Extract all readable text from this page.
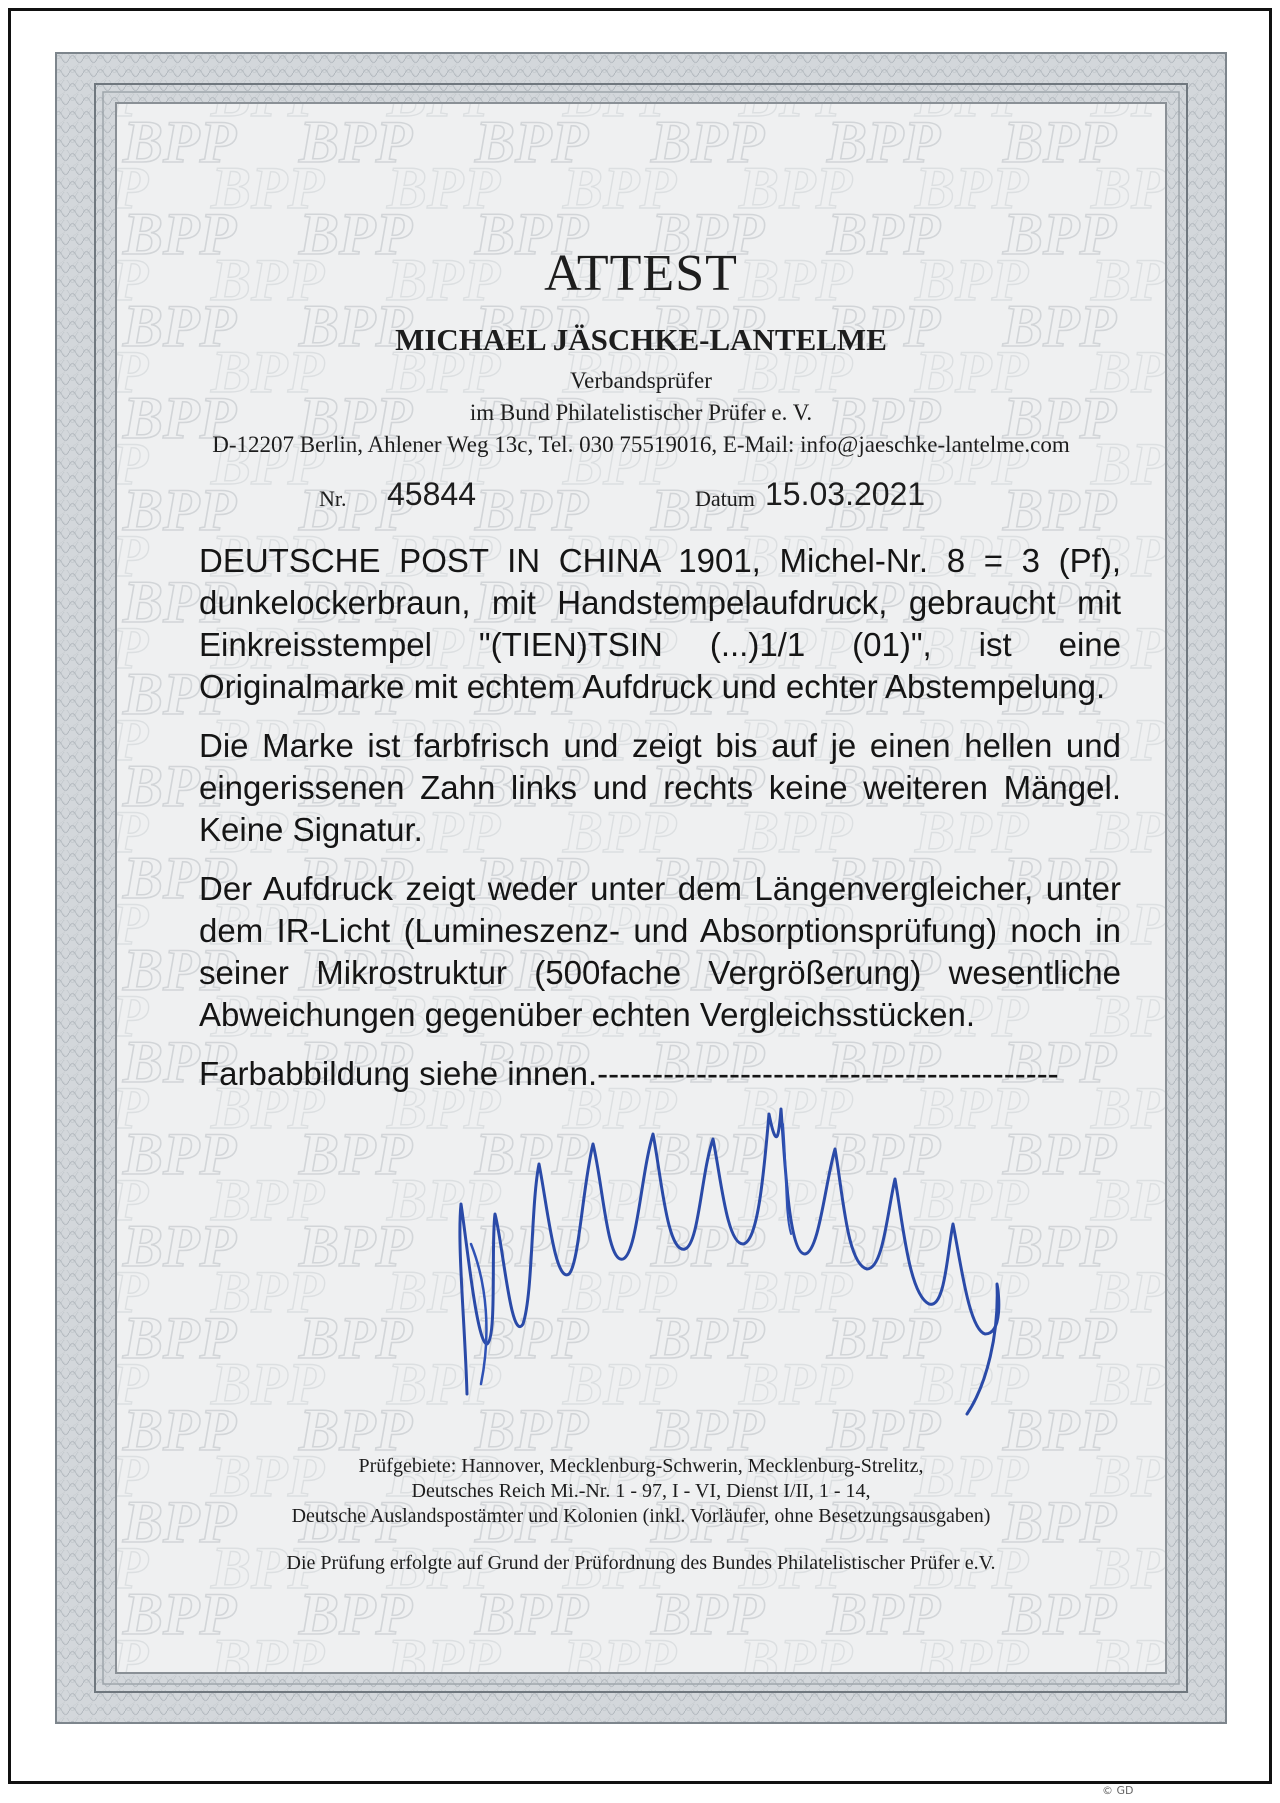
ATTEST
MICHAEL JÄSCHKE-LANTELME
Verbandsprüfer
im Bund Philatelistischer Prüfer e. V.
D-12207 Berlin, Ahlener Weg 13c, Tel. 030 75519016, E-Mail: info@jaeschke-lantelme.com
Nr. 45844	Datum 15.03.2021

DEUTSCHE POST IN CHINA 1901, Michel-Nr. 8 = 3 (Pf), dunkelockerbraun, mit Handstempelaufdruck, gebraucht mit Einkreisstempel "(TIEN)TSIN (...)1/1 (01)", ist eine Originalmarke mit echtem Aufdruck und echter Abstempelung.

Die Marke ist farbfrisch und zeigt bis auf je einen hellen und eingerissenen Zahn links und rechts keine weiteren Mängel. Keine Signatur.

Der Aufdruck zeigt weder unter dem Längenvergleicher, unter dem IR-Licht (Lumineszenz- und Absorptionsprüfung) noch in seiner Mikrostruktur (500fache Vergrößerung) wesentliche Abweichungen gegenüber echten Vergleichsstücken.

Farbabbildung siehe innen.------------------------------------------

Prüfgebiete: Hannover, Mecklenburg-Schwerin, Mecklenburg-Strelitz,
Deutsches Reich Mi.-Nr. 1 - 97, I - VI, Dienst I/II, 1 - 14,
Deutsche Auslandspostämter und Kolonien (inkl. Vorläufer, ohne Besetzungsausgaben)
Die Prüfung erfolgte auf Grund der Prüfordnung des Bundes Philatelistischer Prüfer e.V.
© GD
